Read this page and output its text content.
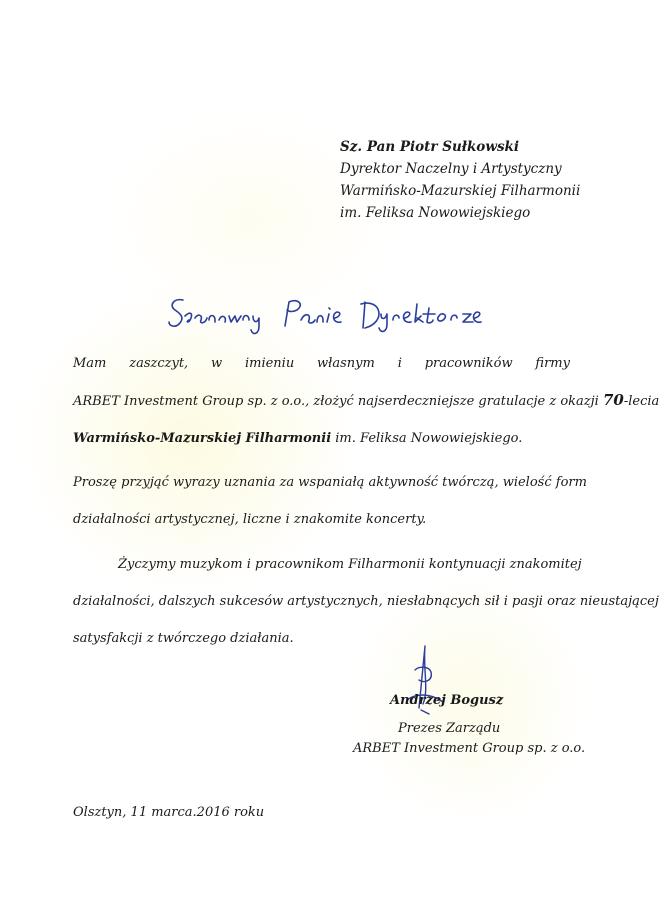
Sz. Pan Piotr Sułkowski
Dyrektor Naczelny i Artystyczny
Warmińsko-Mazurskiej Filharmonii
im. Feliksa Nowowiejskiego
Mam zaszczyt, w imieniu własnym i pracowników firmy
ARBET Investment Group sp. z o.o., złożyć najserdeczniejsze gratulacje z okazji 70-lecia
Warmińsko-Mazurskiej Filharmonii im. Feliksa Nowowiejskiego.
Proszę przyjąć wyrazy uznania za wspaniałą aktywność twórczą, wielość form
działalności artystycznej, liczne i znakomite koncerty.
Życzymy muzykom i pracownikom Filharmonii kontynuacji znakomitej
działalności, dalszych sukcesów artystycznych, niesłabnących sił i pasji oraz nieustającej
satysfakcji z twórczego działania.
Andrzej Bogusz
Prezes Zarządu
ARBET Investment Group sp. z o.o.
Olsztyn, 11 marca.2016 roku
